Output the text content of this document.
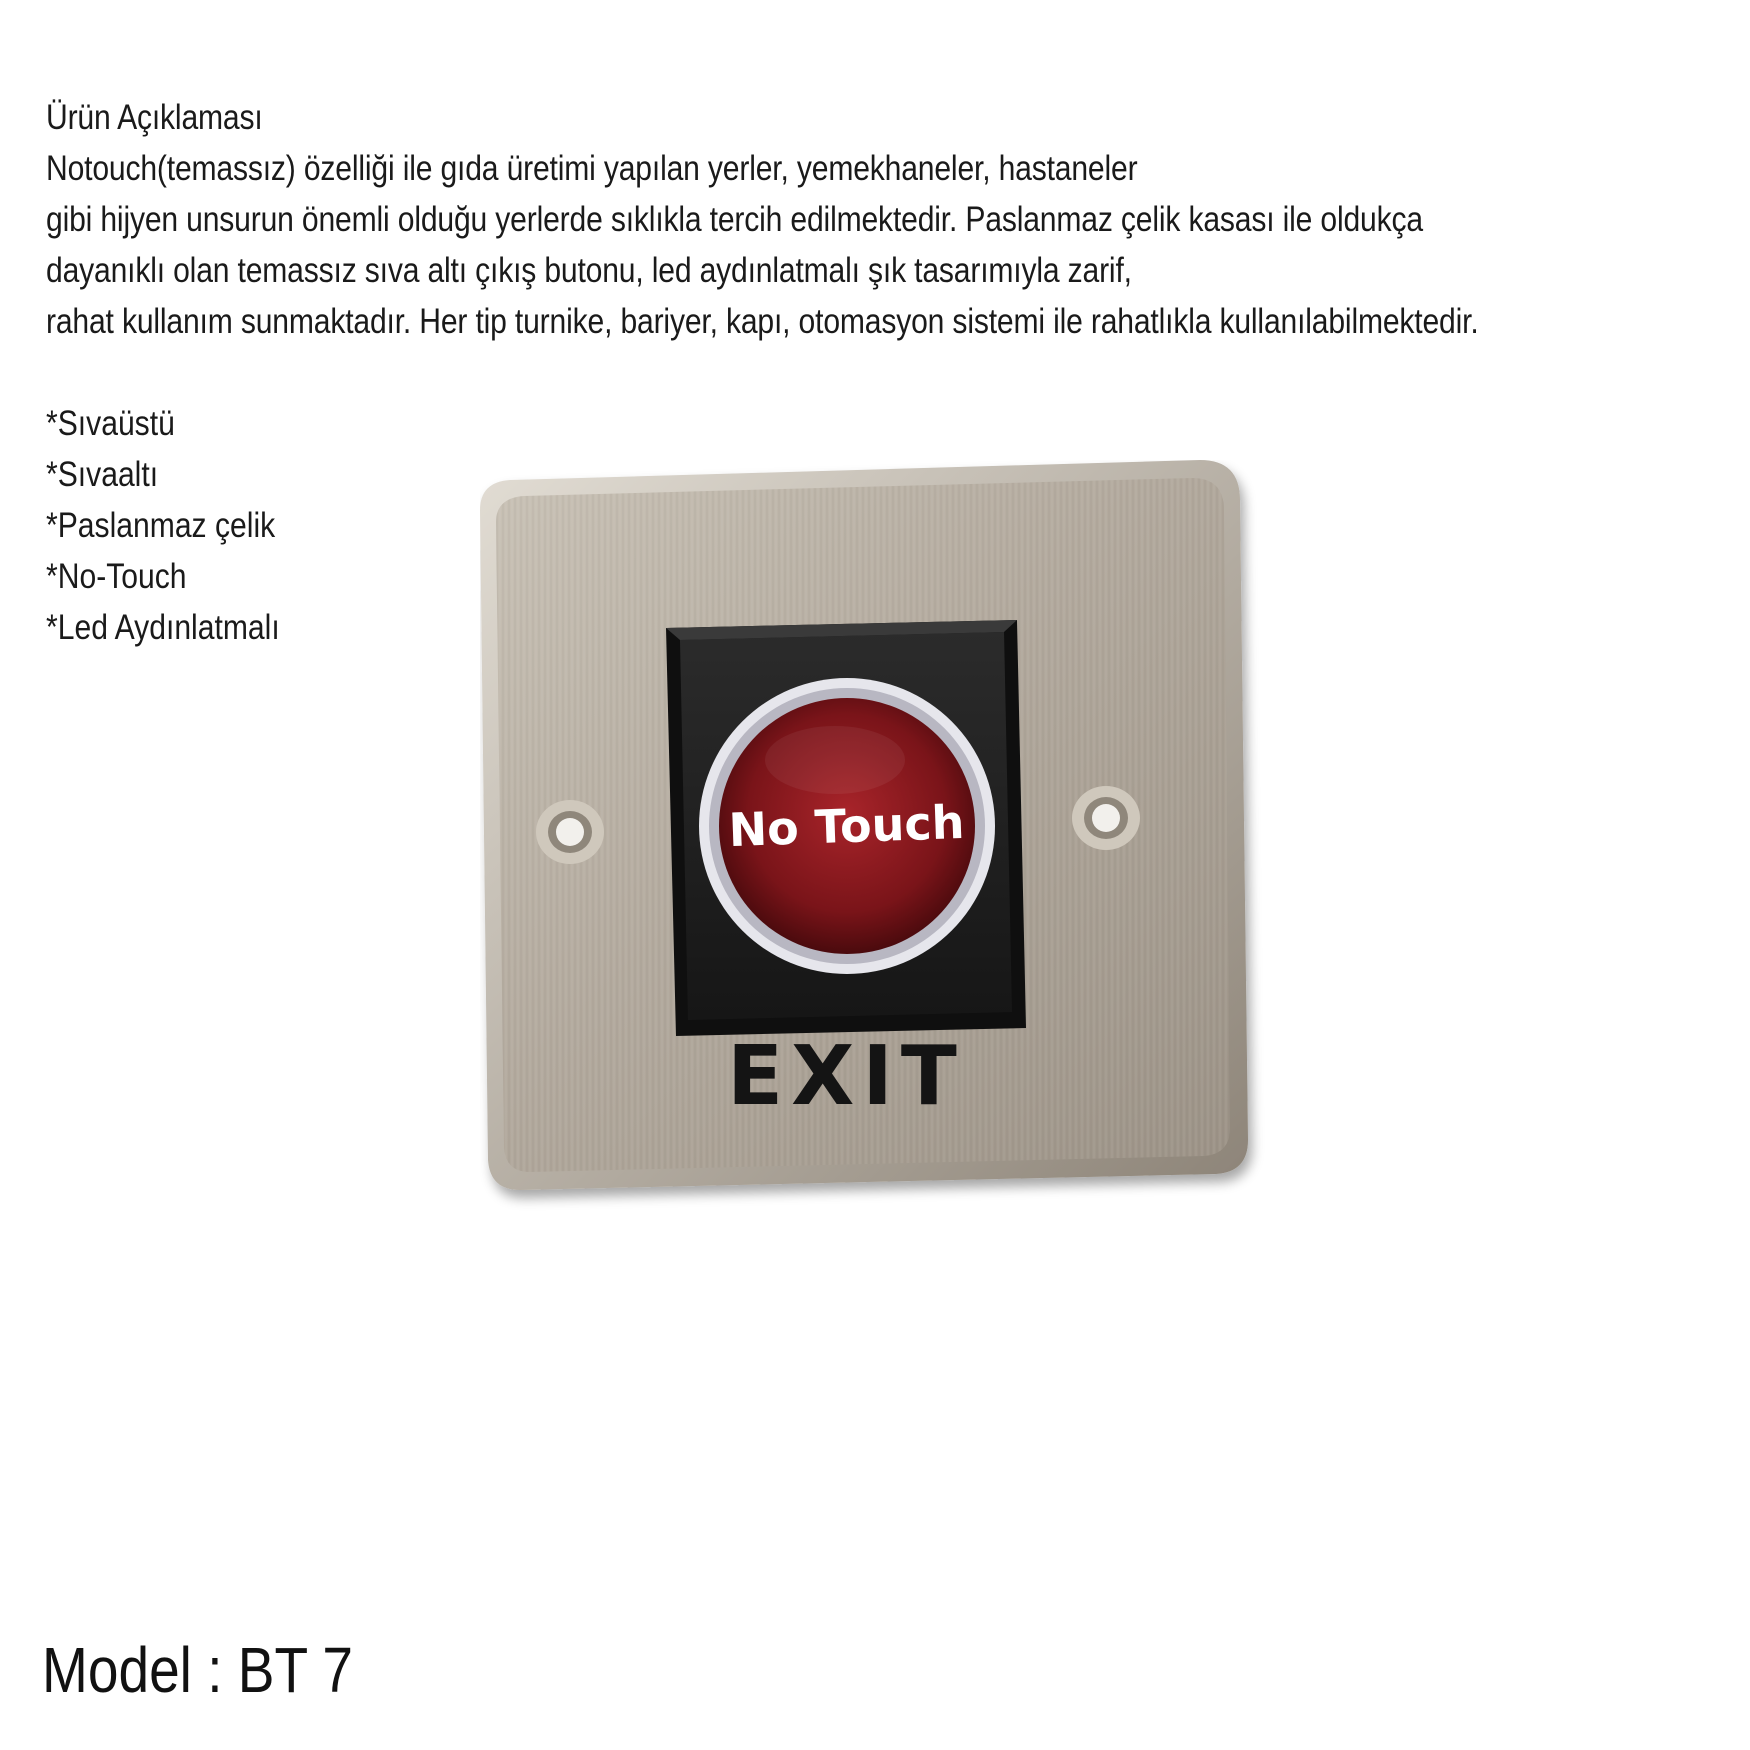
Ürün Açıklaması
Notouch(temassız) özelliği ile gıda üretimi yapılan yerler, yemekhaneler, hastaneler
gibi hijyen unsurun önemli olduğu yerlerde sıklıkla tercih edilmektedir. Paslanmaz çelik kasası ile oldukça
dayanıklı olan temassız sıva altı çıkış butonu, led aydınlatmalı şık tasarımıyla zarif,
rahat kullanım sunmaktadır. Her tip turnike, bariyer, kapı, otomasyon sistemi ile rahatlıkla kullanılabilmektedir.
*Sıvaüstü
*Sıvaaltı
*Paslanmaz çelik
*No-Touch
*Led Aydınlatmalı
No Touch
EXIT
Model : BT 7
